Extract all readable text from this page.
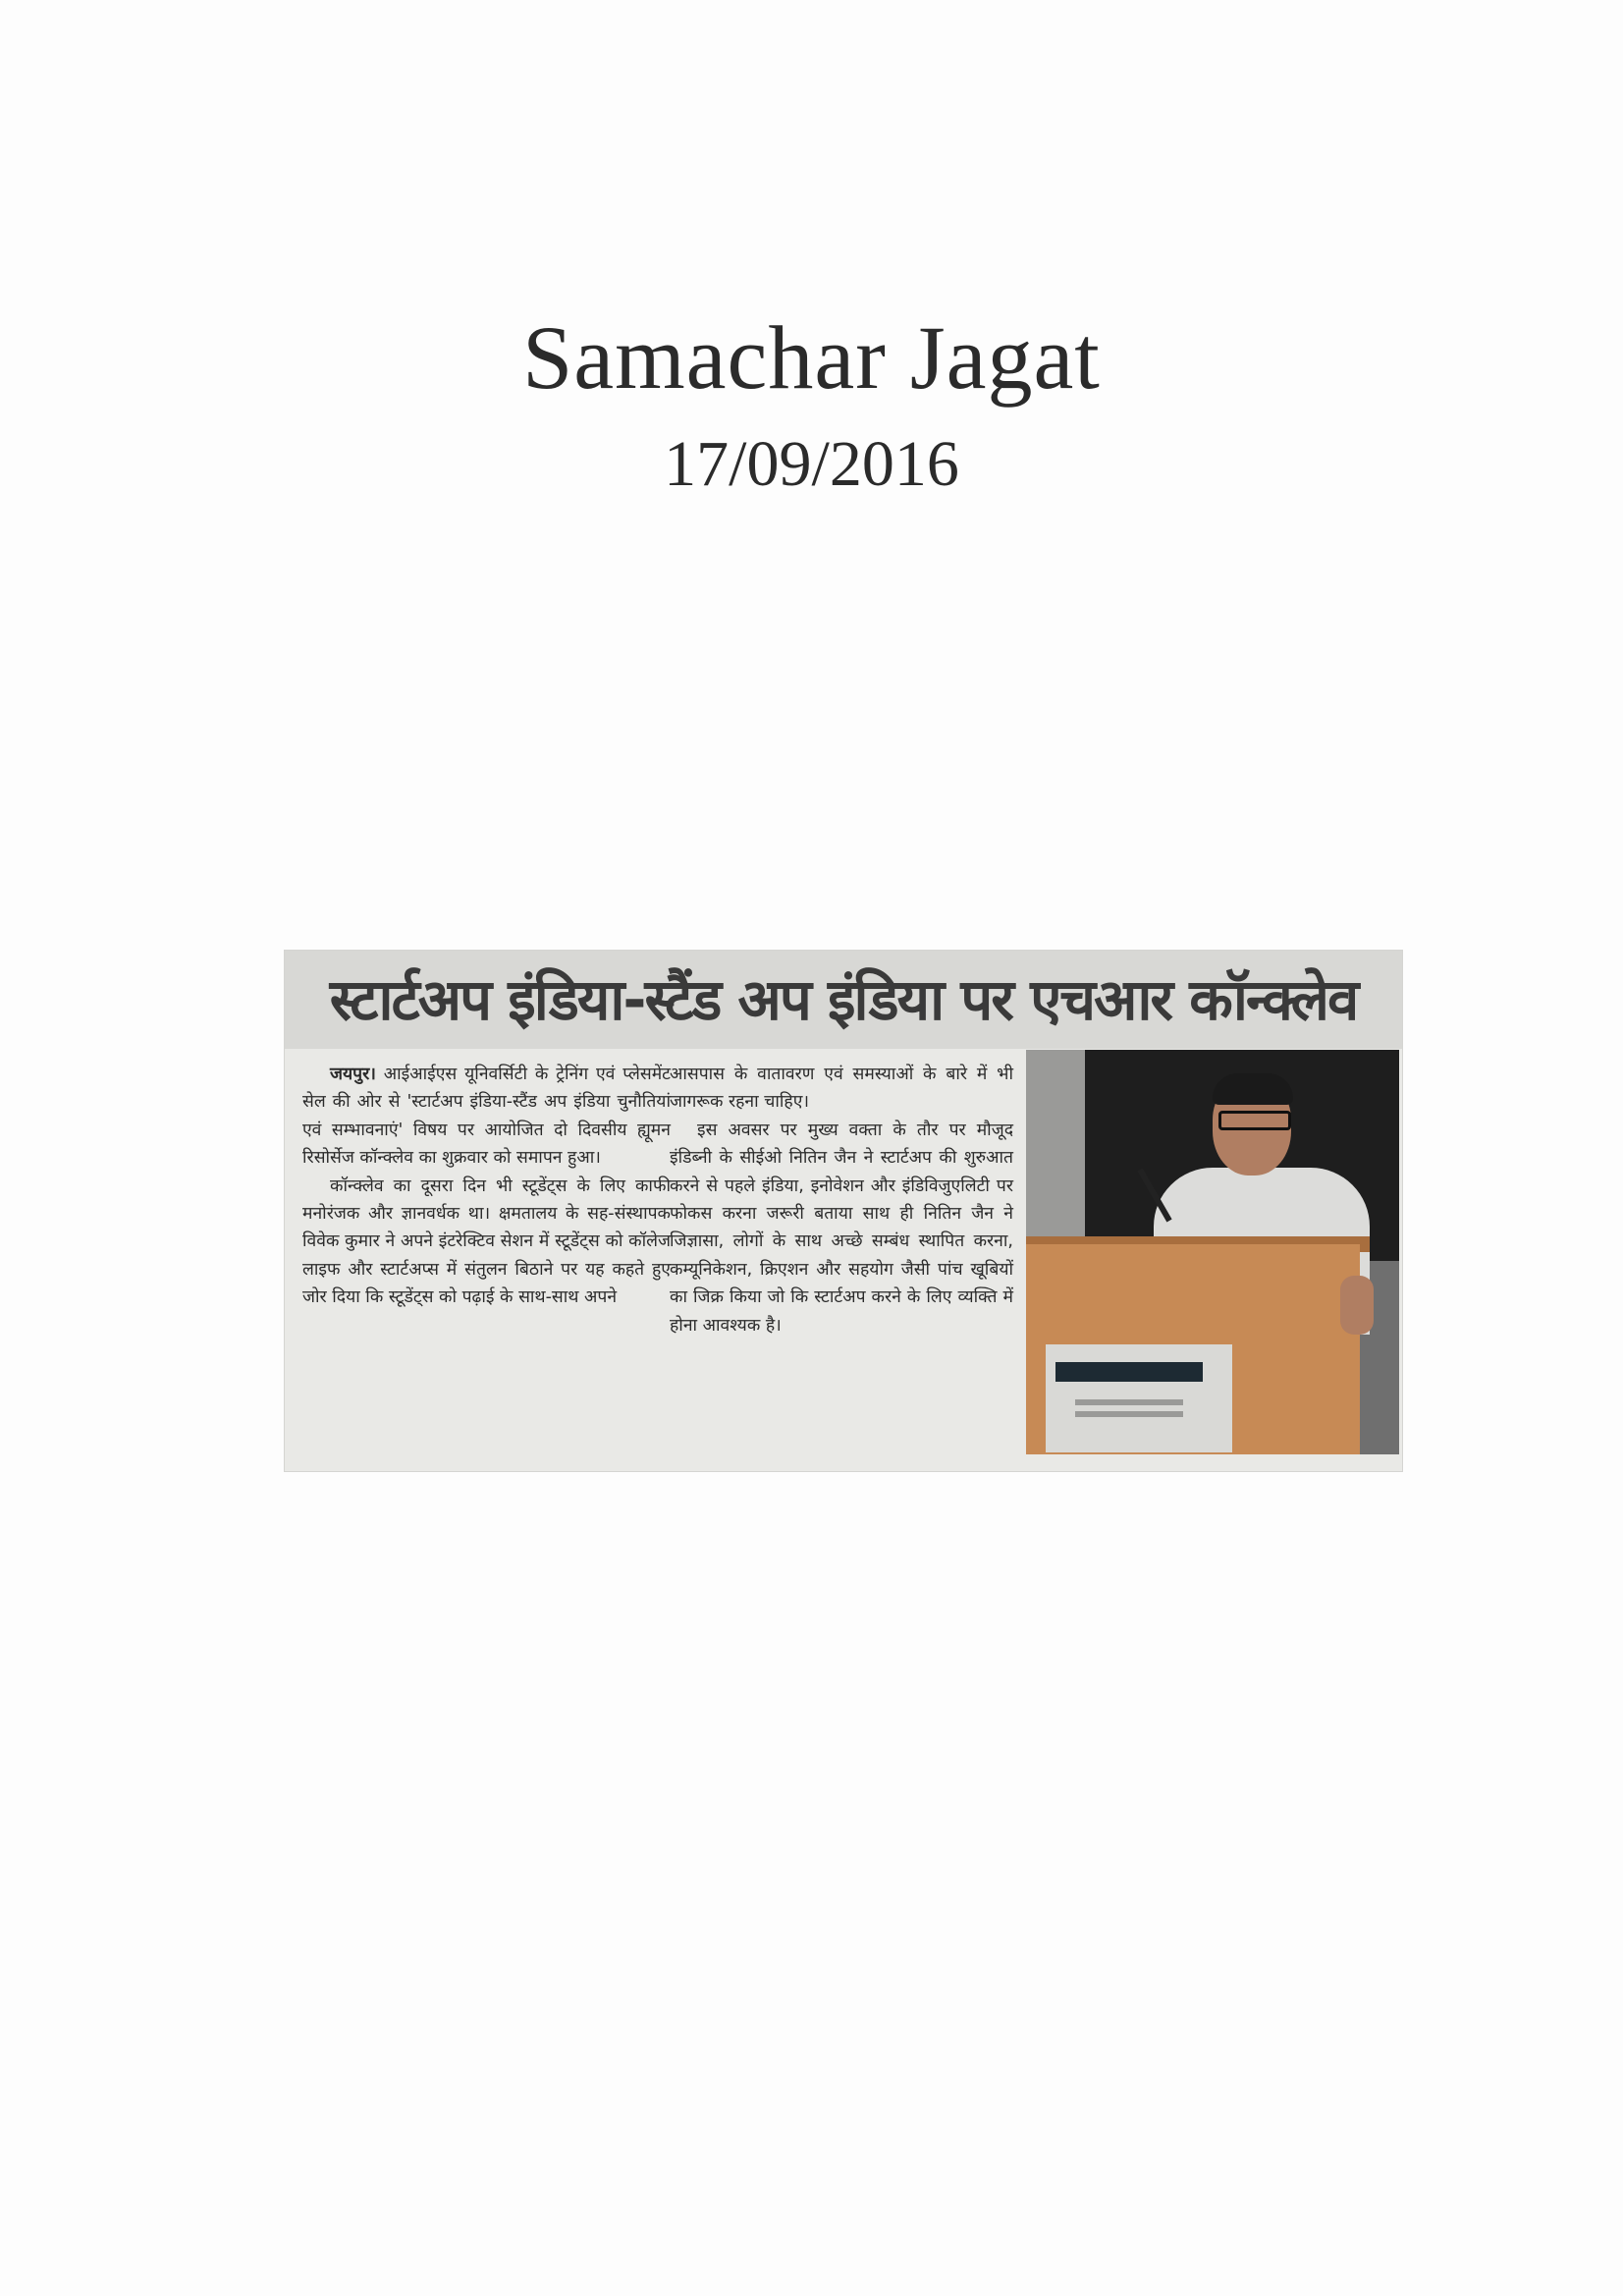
Samachar Jagat
17/09/2016
स्टार्टअप इंडिया-स्टैंड अप इंडिया पर एचआर कॉन्क्लेव

जयपुर। आईआईएस यूनिवर्सिटी के ट्रेनिंग एवं प्लेसमेंट सेल की ओर से 'स्टार्टअप इंडिया-स्टैंड अप इंडिया चुनौतियां एवं सम्भावनाएं' विषय पर आयोजित दो दिवसीय ह्यूमन रिसोर्सेज कॉन्क्लेव का शुक्रवार को समापन हुआ।

कॉन्क्लेव का दूसरा दिन भी स्टूडेंट्स के लिए काफी मनोरंजक और ज्ञानवर्धक था। क्षमतालय के सह-संस्थापक विवेक कुमार ने अपने इंटरेक्टिव सेशन में स्टूडेंट्स को कॉलेज लाइफ और स्टार्टअप्स में संतुलन बिठाने पर यह कहते हुए जोर दिया कि स्टूडेंट्स को पढ़ाई के साथ-साथ अपने

आसपास के वातावरण एवं समस्याओं के बारे में भी जागरूक रहना चाहिए।

इस अवसर पर मुख्य वक्ता के तौर पर मौजूद इंडिब्नी के सीईओ नितिन जैन ने स्टार्टअप की शुरुआत करने से पहले इंडिया, इनोवेशन और इंडिविजुएलिटी पर फोकस करना जरूरी बताया साथ ही नितिन जैन ने जिज्ञासा, लोगों के साथ अच्छे सम्बंध स्थापित करना, कम्यूनिकेशन, क्रिएशन और सहयोग जैसी पांच खूबियों का जिक्र किया जो कि स्टार्टअप करने के लिए व्यक्ति में होना आवश्यक है।
